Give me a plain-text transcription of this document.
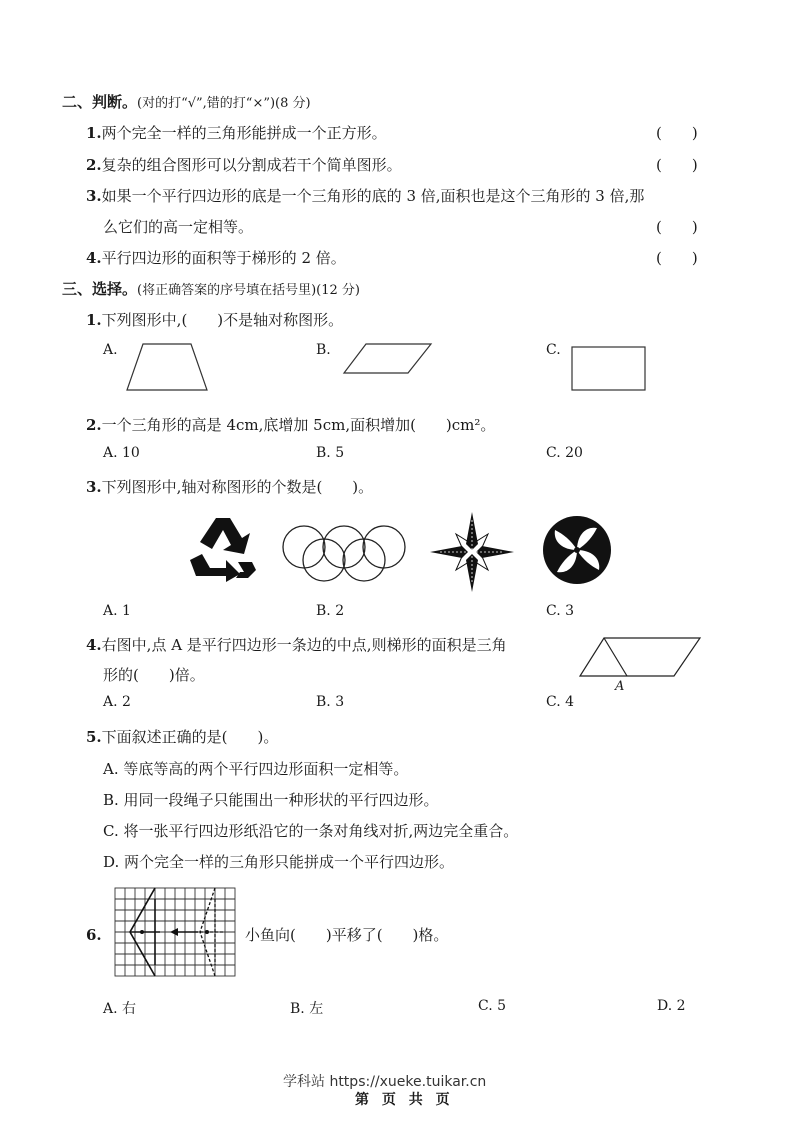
二、判断。(对的打“√”,错的打“×”)(8 分)
1.两个完全一样的三角形能拼成一个正方形。	(　　)
2.复杂的组合图形可以分割成若干个简单图形。	(　　)
3.如果一个平行四边形的底是一个三角形的底的 3 倍,面积也是这个三角形的 3 倍,那
么它们的高一定相等。	(　　)
4.平行四边形的面积等于梯形的 2 倍。	(　　)
三、选择。(将正确答案的序号填在括号里)(12 分)
1.下列图形中,(　　)不是轴对称图形。
A.	B.	C.
2.一个三角形的高是 4cm,底增加 5cm,面积增加(　　)cm²。
A. 10	B. 5	C. 20
3.下列图形中,轴对称图形的个数是(　　)。
A. 1	B. 2	C. 3
4.右图中,点 A 是平行四边形一条边的中点,则梯形的面积是三角
形的(　　)倍。
A
A. 2	B. 3	C. 4
5.下面叙述正确的是(　　)。
A. 等底等高的两个平行四边形面积一定相等。
B. 用同一段绳子只能围出一种形状的平行四边形。
C. 将一张平行四边形纸沿它的一条对角线对折,两边完全重合。
D. 两个完全一样的三角形只能拼成一个平行四边形。
6.	小鱼向(　　)平移了(　　)格。
A. 右	B. 左	C. 5	D. 2
学科站 https://xueke.tuikar.cn
第 页 共 页
